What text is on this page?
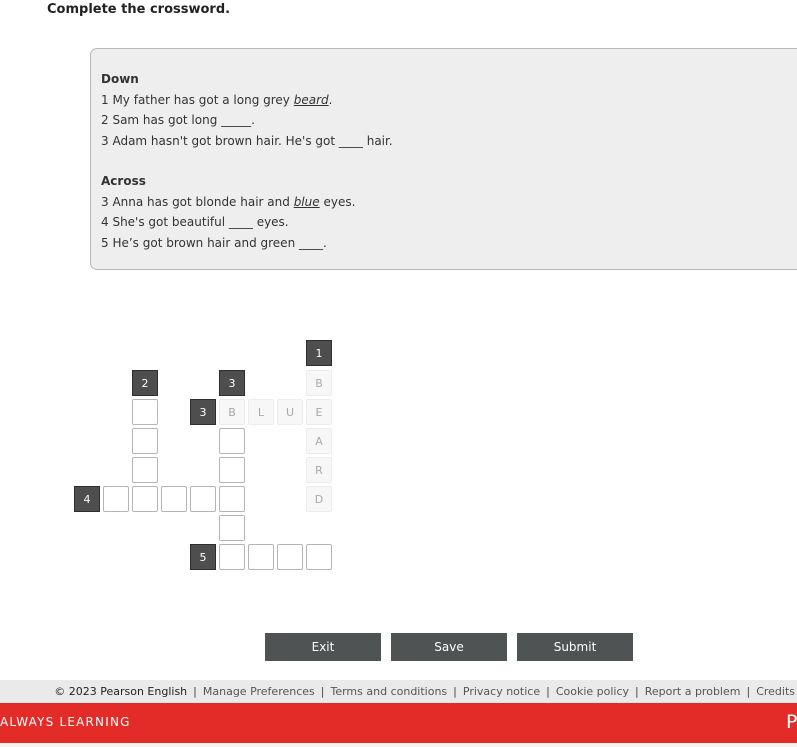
Complete the crossword.
Down
1 My father has got a long grey beard.
2 Sam has got long _____.
3 Adam hasn't got brown hair. He's got ____ hair.
Across
3 Anna has got blonde hair and blue eyes.
4 She's got beautiful ____ eyes.
5 He’s got brown hair and green ____.
1
2	3
3
4
5
B
E
A
R
D
B	L	U
Exit	Save	Submit
© 2023 Pearson English | Manage Preferences | Terms and conditions | Privacy notice | Cookie policy | Report a problem | Credits
ALWAYS LEARNING	P
